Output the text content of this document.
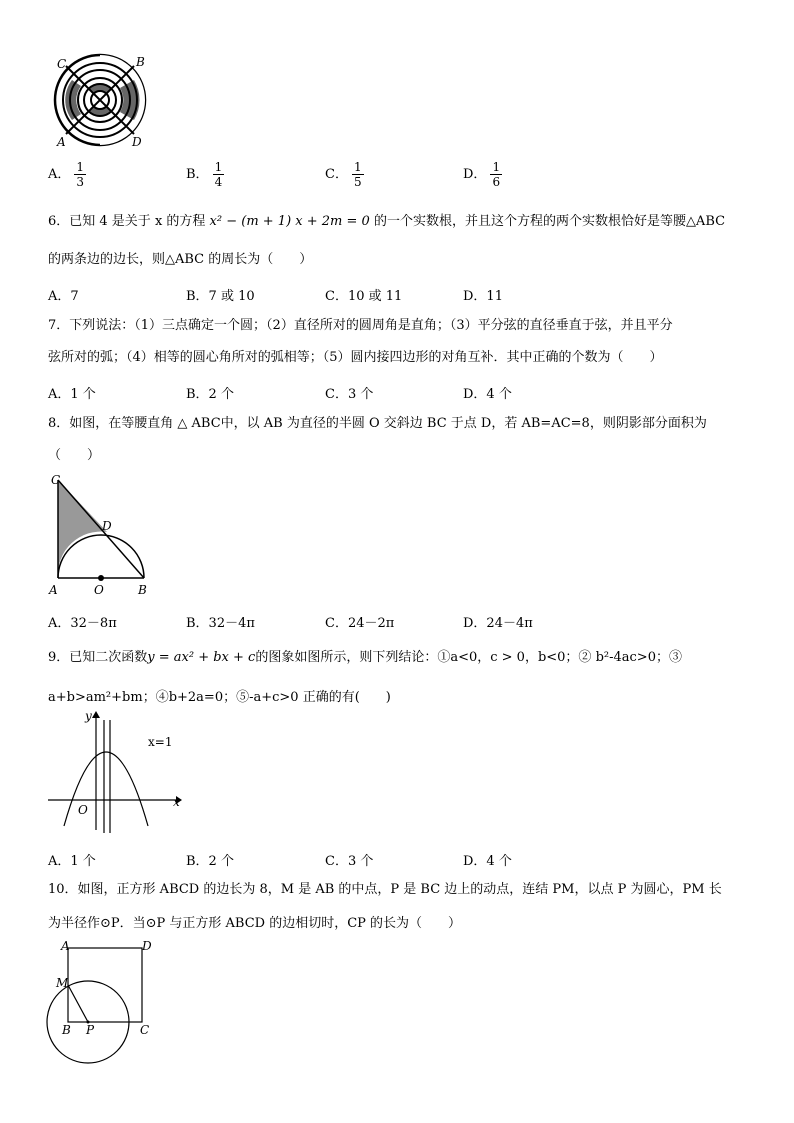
C	B
A	D
A． $\frac{1}{3}$	B． $\frac{1}{4}$	C． $\frac{1}{5}$	D． $\frac{1}{6}$
6．已知 4 是关于 x 的方程 x² − (m + 1) x + 2m = 0 的一个实数根，并且这个方程的两个实数根恰好是等腰△ABC
的两条边的边长，则△ABC 的周长为（　　）
A．7	B．7 或 10	C．10 或 11	D．11
7．下列说法：（1）三点确定一个圆；（2）直径所对的圆周角是直角；（3）平分弦的直径垂直于弦，并且平分
弦所对的弧；（4）相等的圆心角所对的弧相等；（5）圆内接四边形的对角互补．其中正确的个数为（　　）
A．1 个	B．2 个	C．3 个	D．4 个
8．如图，在等腰直角 △ ABC中，以 AB 为直径的半圆 O 交斜边 BC 于点 D，若 AB=AC=8，则阴影部分面积为
（　　）
C
D
A	O	B
A．32－8π	B．32－4π	C．24－2π	D．24－4π
9．已知二次函数y = ax² + bx + c的图象如图所示，则下列结论：①a<0，c > 0，b<0；② b²-4ac>0；③
a+b>am²+bm；④b+2a=0；⑤-a+c>0 正确的有(　　)
y
x
O
x=1
A．1 个	B．2 个	C．3 个	D．4 个
10．如图，正方形 ABCD 的边长为 8，M 是 AB 的中点，P 是 BC 边上的动点，连结 PM，以点 P 为圆心，PM 长
为半径作⊙P．当⊙P 与正方形 ABCD 的边相切时，CP 的长为（　　）
A	D
M
B P	C
